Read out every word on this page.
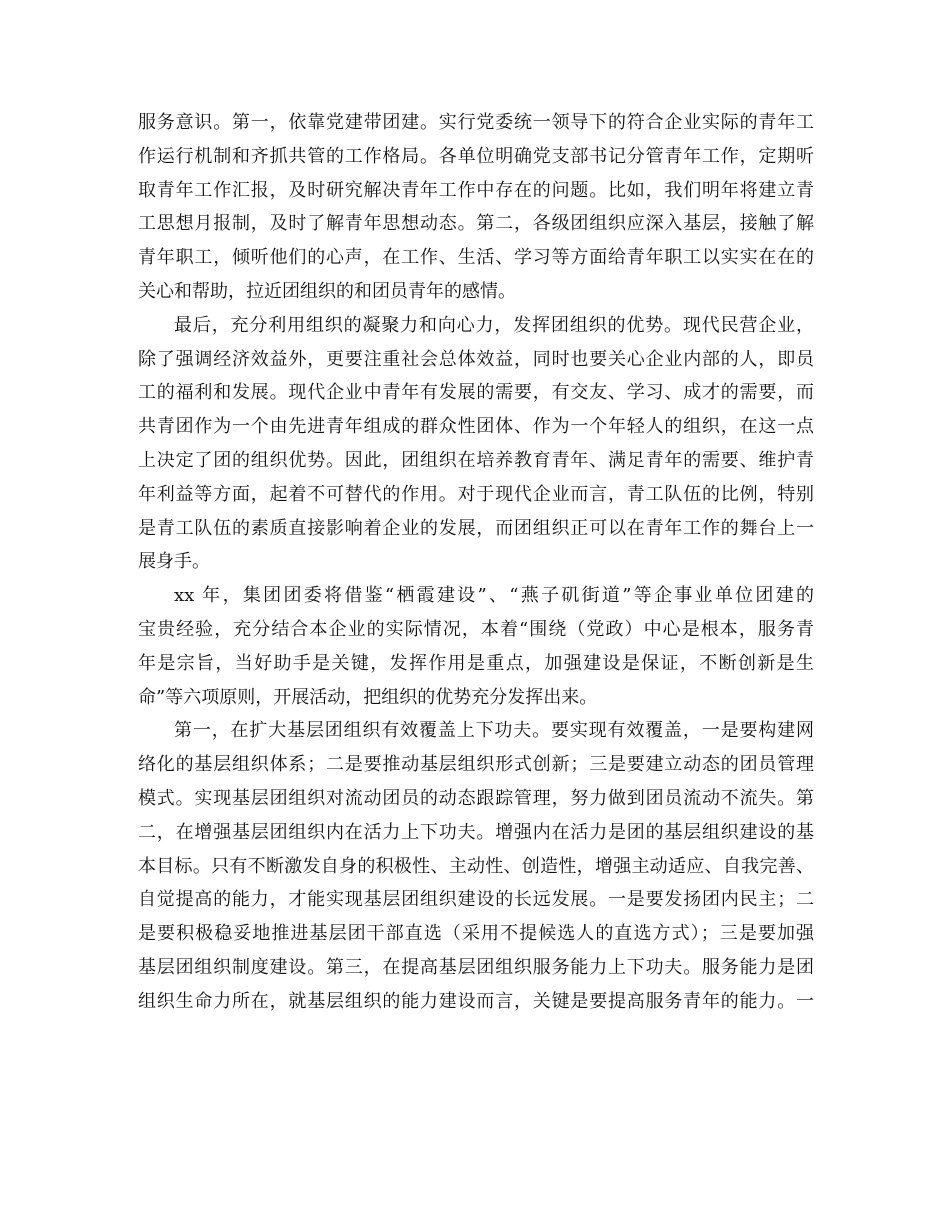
服务意识。第一，依靠党建带团建。实行党委统一领导下的符合企业实际的青年工
作运行机制和齐抓共管的工作格局。各单位明确党支部书记分管青年工作，定期听
取青年工作汇报，及时研究解决青年工作中存在的问题。比如，我们明年将建立青
工思想月报制，及时了解青年思想动态。第二，各级团组织应深入基层，接触了解
青年职工，倾听他们的心声，在工作、生活、学习等方面给青年职工以实实在在的
关心和帮助，拉近团组织的和团员青年的感情。
最后，充分利用组织的凝聚力和向心力，发挥团组织的优势。现代民营企业，
除了强调经济效益外，更要注重社会总体效益，同时也要关心企业内部的人，即员
工的福利和发展。现代企业中青年有发展的需要，有交友、学习、成才的需要，而
共青团作为一个由先进青年组成的群众性团体、作为一个年轻人的组织，在这一点
上决定了团的组织优势。因此，团组织在培养教育青年、满足青年的需要、维护青
年利益等方面，起着不可替代的作用。对于现代企业而言，青工队伍的比例，特别
是青工队伍的素质直接影响着企业的发展，而团组织正可以在青年工作的舞台上一
展身手。
xx 年，集团团委将借鉴“栖霞建设”、“燕子矶街道”等企事业单位团建的
宝贵经验，充分结合本企业的实际情况，本着“围绕（党政）中心是根本，服务青
年是宗旨，当好助手是关键，发挥作用是重点，加强建设是保证，不断创新是生
命”等六项原则，开展活动，把组织的优势充分发挥出来。
第一，在扩大基层团组织有效覆盖上下功夫。要实现有效覆盖，一是要构建网
络化的基层组织体系；二是要推动基层组织形式创新；三是要建立动态的团员管理
模式。实现基层团组织对流动团员的动态跟踪管理，努力做到团员流动不流失。第
二，在增强基层团组织内在活力上下功夫。增强内在活力是团的基层组织建设的基
本目标。只有不断激发自身的积极性、主动性、创造性，增强主动适应、自我完善、
自觉提高的能力，才能实现基层团组织建设的长远发展。一是要发扬团内民主；二
是要积极稳妥地推进基层团干部直选（采用不提候选人的直选方式）；三是要加强
基层团组织制度建设。第三，在提高基层团组织服务能力上下功夫。服务能力是团
组织生命力所在，就基层组织的能力建设而言，关键是要提高服务青年的能力。一
